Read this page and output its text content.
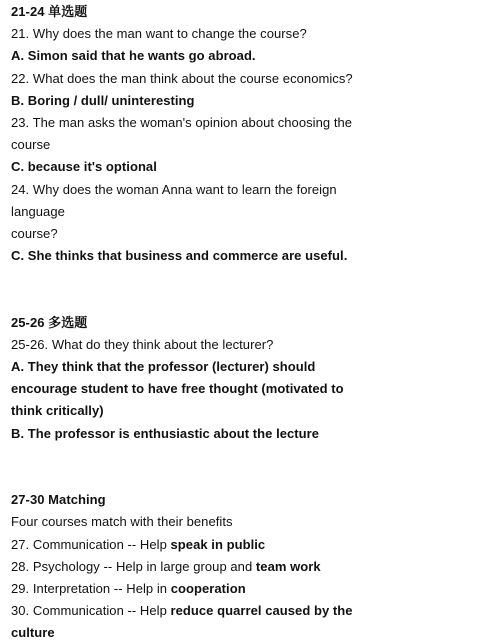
21-24 单选题
21. Why does the man want to change the course?
A. Simon said that he wants go abroad.
22. What does the man think about the course economics?
B. Boring / dull/ uninteresting
23. The man asks the woman's opinion about choosing the
course
C. because it's optional
24. Why does the woman Anna want to learn the foreign
language
course?
C. She thinks that business and commerce are useful.
25-26 多选题
25-26. What do they think about the lecturer?
A. They think that the professor (lecturer) should
encourage student to have free thought (motivated to
think critically)
B. The professor is enthusiastic about the lecture
27-30 Matching
Four courses match with their benefits
27. Communication -- Help speak in public
28. Psychology -- Help in large group and team work
29. Interpretation -- Help in cooperation
30. Communication -- Help reduce quarrel caused by the
culture
